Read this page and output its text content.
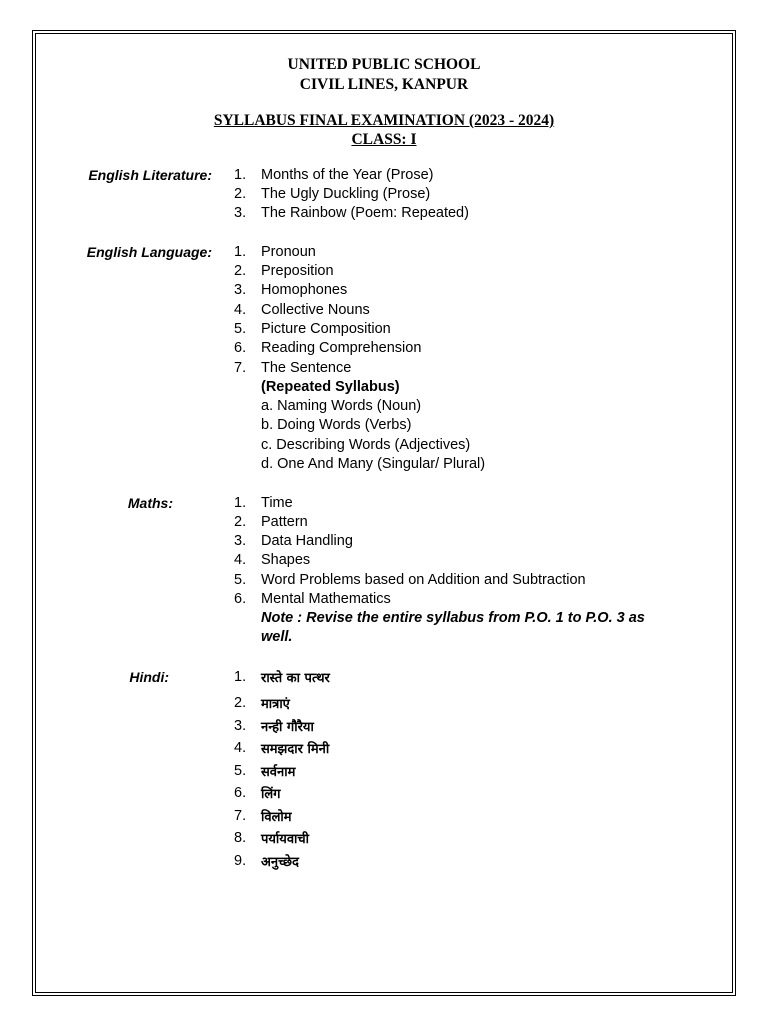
UNITED PUBLIC SCHOOL
CIVIL LINES, KANPUR
SYLLABUS FINAL EXAMINATION (2023 - 2024)
CLASS: I
English Literature: 1. Months of the Year (Prose)
2. The Ugly Duckling (Prose)
3. The Rainbow (Poem: Repeated)
English Language: 1. Pronoun
2. Preposition
3. Homophones
4. Collective Nouns
5. Picture Composition
6. Reading Comprehension
7. The Sentence
(Repeated Syllabus)
a. Naming Words (Noun)
b. Doing Words (Verbs)
c. Describing Words (Adjectives)
d. One And Many (Singular/ Plural)
Maths:	1. Time
2. Pattern
3. Data Handling
4. Shapes
5. Word Problems based on Addition and Subtraction
6. Mental Mathematics
Note : Revise the entire syllabus from P.O. 1 to P.O. 3 as well.
Hindi:	1. रास्ते का पत्थर
2. मात्राएं
3. नन्ही गौरैया
4. समझदार मिनी
5. सर्वनाम
6. लिंग
7. विलोम
8. पर्यायवाची
9. अनुच्छेद
